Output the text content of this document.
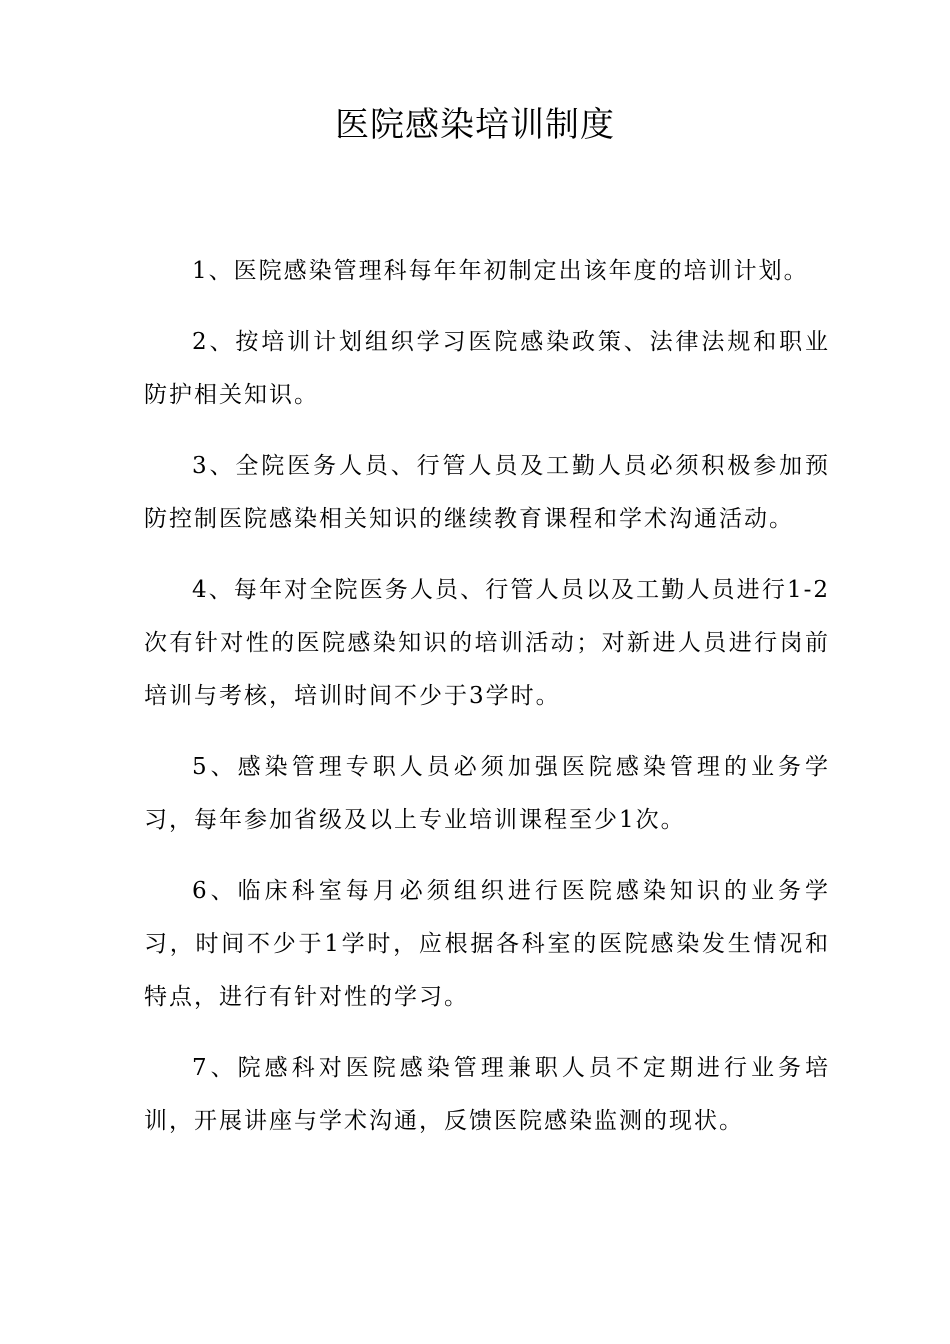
医院感染培训制度

1、医院感染管理科每年年初制定出该年度的培训计划。

2、按培训计划组织学习医院感染政策、法律法规和职业防护相关知识。

3、全院医务人员、行管人员及工勤人员必须积极参加预防控制医院感染相关知识的继续教育课程和学术沟通活动。

4、每年对全院医务人员、行管人员以及工勤人员进行1-2次有针对性的医院感染知识的培训活动；对新进人员进行岗前培训与考核，培训时间不少于3学时。

5、感染管理专职人员必须加强医院感染管理的业务学习，每年参加省级及以上专业培训课程至少1次。

6、临床科室每月必须组织进行医院感染知识的业务学习，时间不少于1学时，应根据各科室的医院感染发生情况和特点，进行有针对性的学习。

7、院感科对医院感染管理兼职人员不定期进行业务培训，开展讲座与学术沟通，反馈医院感染监测的现状。
